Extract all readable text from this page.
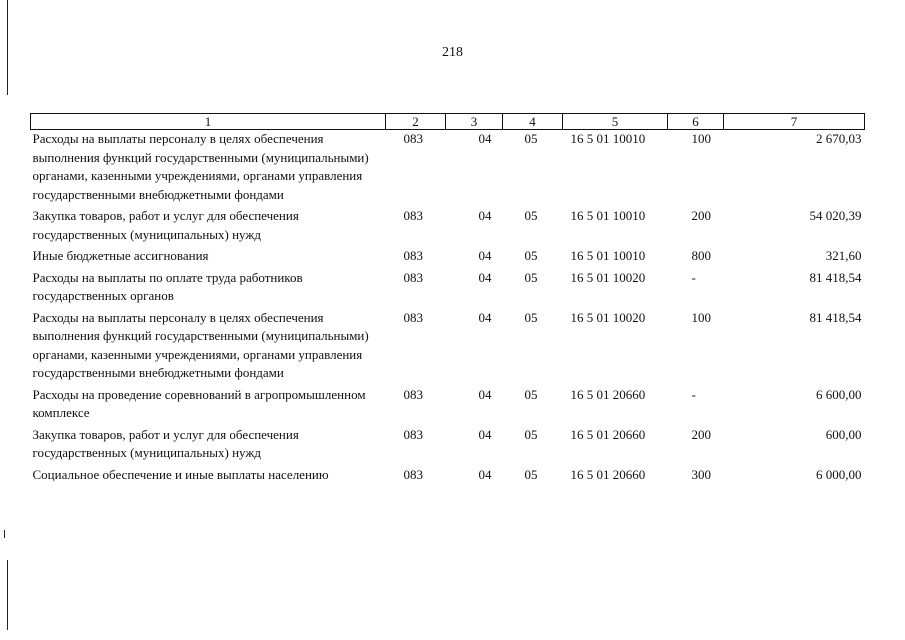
218
1	2	3	4	5	6	7
Расходы на выплаты персоналу в целях обеспечения выполнения функций государственными (муниципальными) органами, казенными учреждениями, органами управления государственными внебюджетными фондами	083	04	05	16 5 01 10010	100	2 670,03
Закупка товаров, работ и услуг для обеспечения государственных (муниципальных) нужд	083	04	05	16 5 01 10010	200	54 020,39
Иные бюджетные ассигнования	083	04	05	16 5 01 10010	800	321,60
Расходы на выплаты по оплате труда работников государственных органов	083	04	05	16 5 01 10020	-	81 418,54
Расходы на выплаты персоналу в целях обеспечения выполнения функций государственными (муниципальными) органами, казенными учреждениями, органами управления государственными внебюджетными фондами	083	04	05	16 5 01 10020	100	81 418,54
Расходы на проведение соревнований в агропромышленном комплексе	083	04	05	16 5 01 20660	-	6 600,00
Закупка товаров, работ и услуг для обеспечения государственных (муниципальных) нужд	083	04	05	16 5 01 20660	200	600,00
Социальное обеспечение и иные выплаты населению	083	04	05	16 5 01 20660	300	6 000,00
